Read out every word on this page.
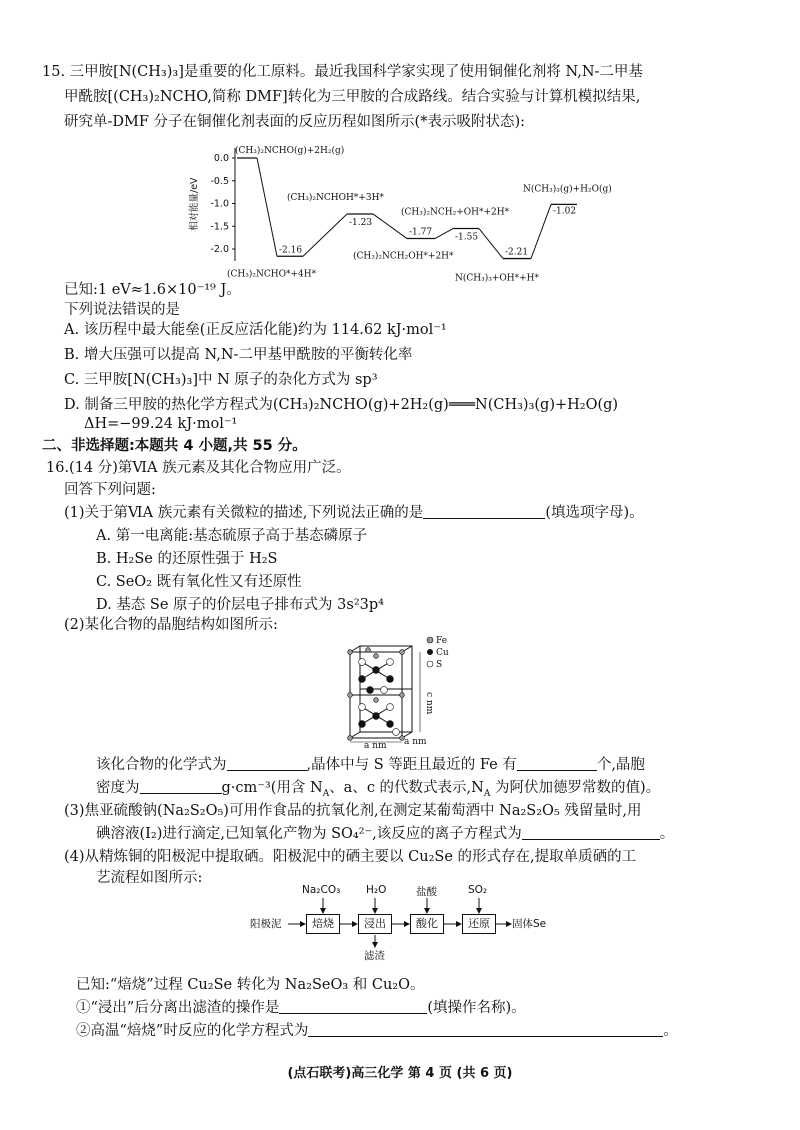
15. 三甲胺[N(CH₃)₃]是重要的化工原料。最近我国科学家实现了使用铜催化剂将 N,N-二甲基
甲酰胺[(CH₃)₂NCHO,简称 DMF]转化为三甲胺的合成路线。结合实验与计算机模拟结果,
研究单-DMF 分子在铜催化剂表面的反应历程如图所示(*表示吸附状态):
相对能量/eV
0.0
-0.5
-1.0
-1.5
-2.0
(CH₃)₂NCHO(g)+2H₂(g)
(CH₃)₂NCHO*+4H*
-2.16
(CH₃)₂NCHOH*+3H*
-1.23
(CH₃)₂NCH₂OH*+2H*
-1.77
(CH₃)₂NCH₂+OH*+2H*
-1.55
N(CH₃)₃+OH*+H*
-2.21
N(CH₃)₃(g)+H₂O(g)
-1.02
已知:1 eV≈1.6×10⁻¹⁹ J。
下列说法错误的是
A. 该历程中最大能垒(正反应活化能)约为 114.62 kJ·mol⁻¹
B. 增大压强可以提高 N,N-二甲基甲酰胺的平衡转化率
C. 三甲胺[N(CH₃)₃]中 N 原子的杂化方式为 sp³
D. 制备三甲胺的热化学方程式为(CH₃)₂NCHO(g)+2H₂(g)═══N(CH₃)₃(g)+H₂O(g)
ΔH=−99.24 kJ·mol⁻¹
二、非选择题:本题共 4 小题,共 55 分。
16.(14 分)第ⅥA 族元素及其化合物应用广泛。
回答下列问题:
(1)关于第ⅥA 族元素有关微粒的描述,下列说法正确的是	(填选项字母)。
A. 第一电离能:基态硫原子高于基态磷原子
B. H₂Se 的还原性强于 H₂S
C. SeO₂ 既有氧化性又有还原性
D. 基态 Se 原子的价层电子排布式为 3s²3p⁴
(2)某化合物的晶胞结构如图所示:
Fe
Cu
S
c nm
a nm
a nm
该化合物的化学式为	,晶体中与 S 等距且最近的 Fe 有	个,晶胞
密度为	g·cm⁻³(用含 $N_A$、a、c 的代数式表示$,N_A$ 为阿伏加德罗常数的值)。
(3)焦亚硫酸钠(Na₂S₂O₅)可用作食品的抗氧化剂,在测定某葡萄酒中 Na₂S₂O₅ 残留量时,用
碘溶液(I₂)进行滴定,已知氧化产物为 SO₄²⁻,该反应的离子方程式为	。
(4)从精炼铜的阳极泥中提取硒。阳极泥中的硒主要以 Cu₂Se 的形式存在,提取单质硒的工
艺流程如图所示:
阳极泥	焙烧	浸出	酸化	还原	固体Se
Na₂CO₃ H₂O	盐酸	SO₂
滤渣
已知:“焙烧”过程 Cu₂Se 转化为 Na₂SeO₃ 和 Cu₂O。
①“浸出”后分离出滤渣的操作是	(填操作名称)。
②高温“焙烧”时反应的化学方程式为	。
(点石联考)高三化学 第 4 页 (共 6 页)
